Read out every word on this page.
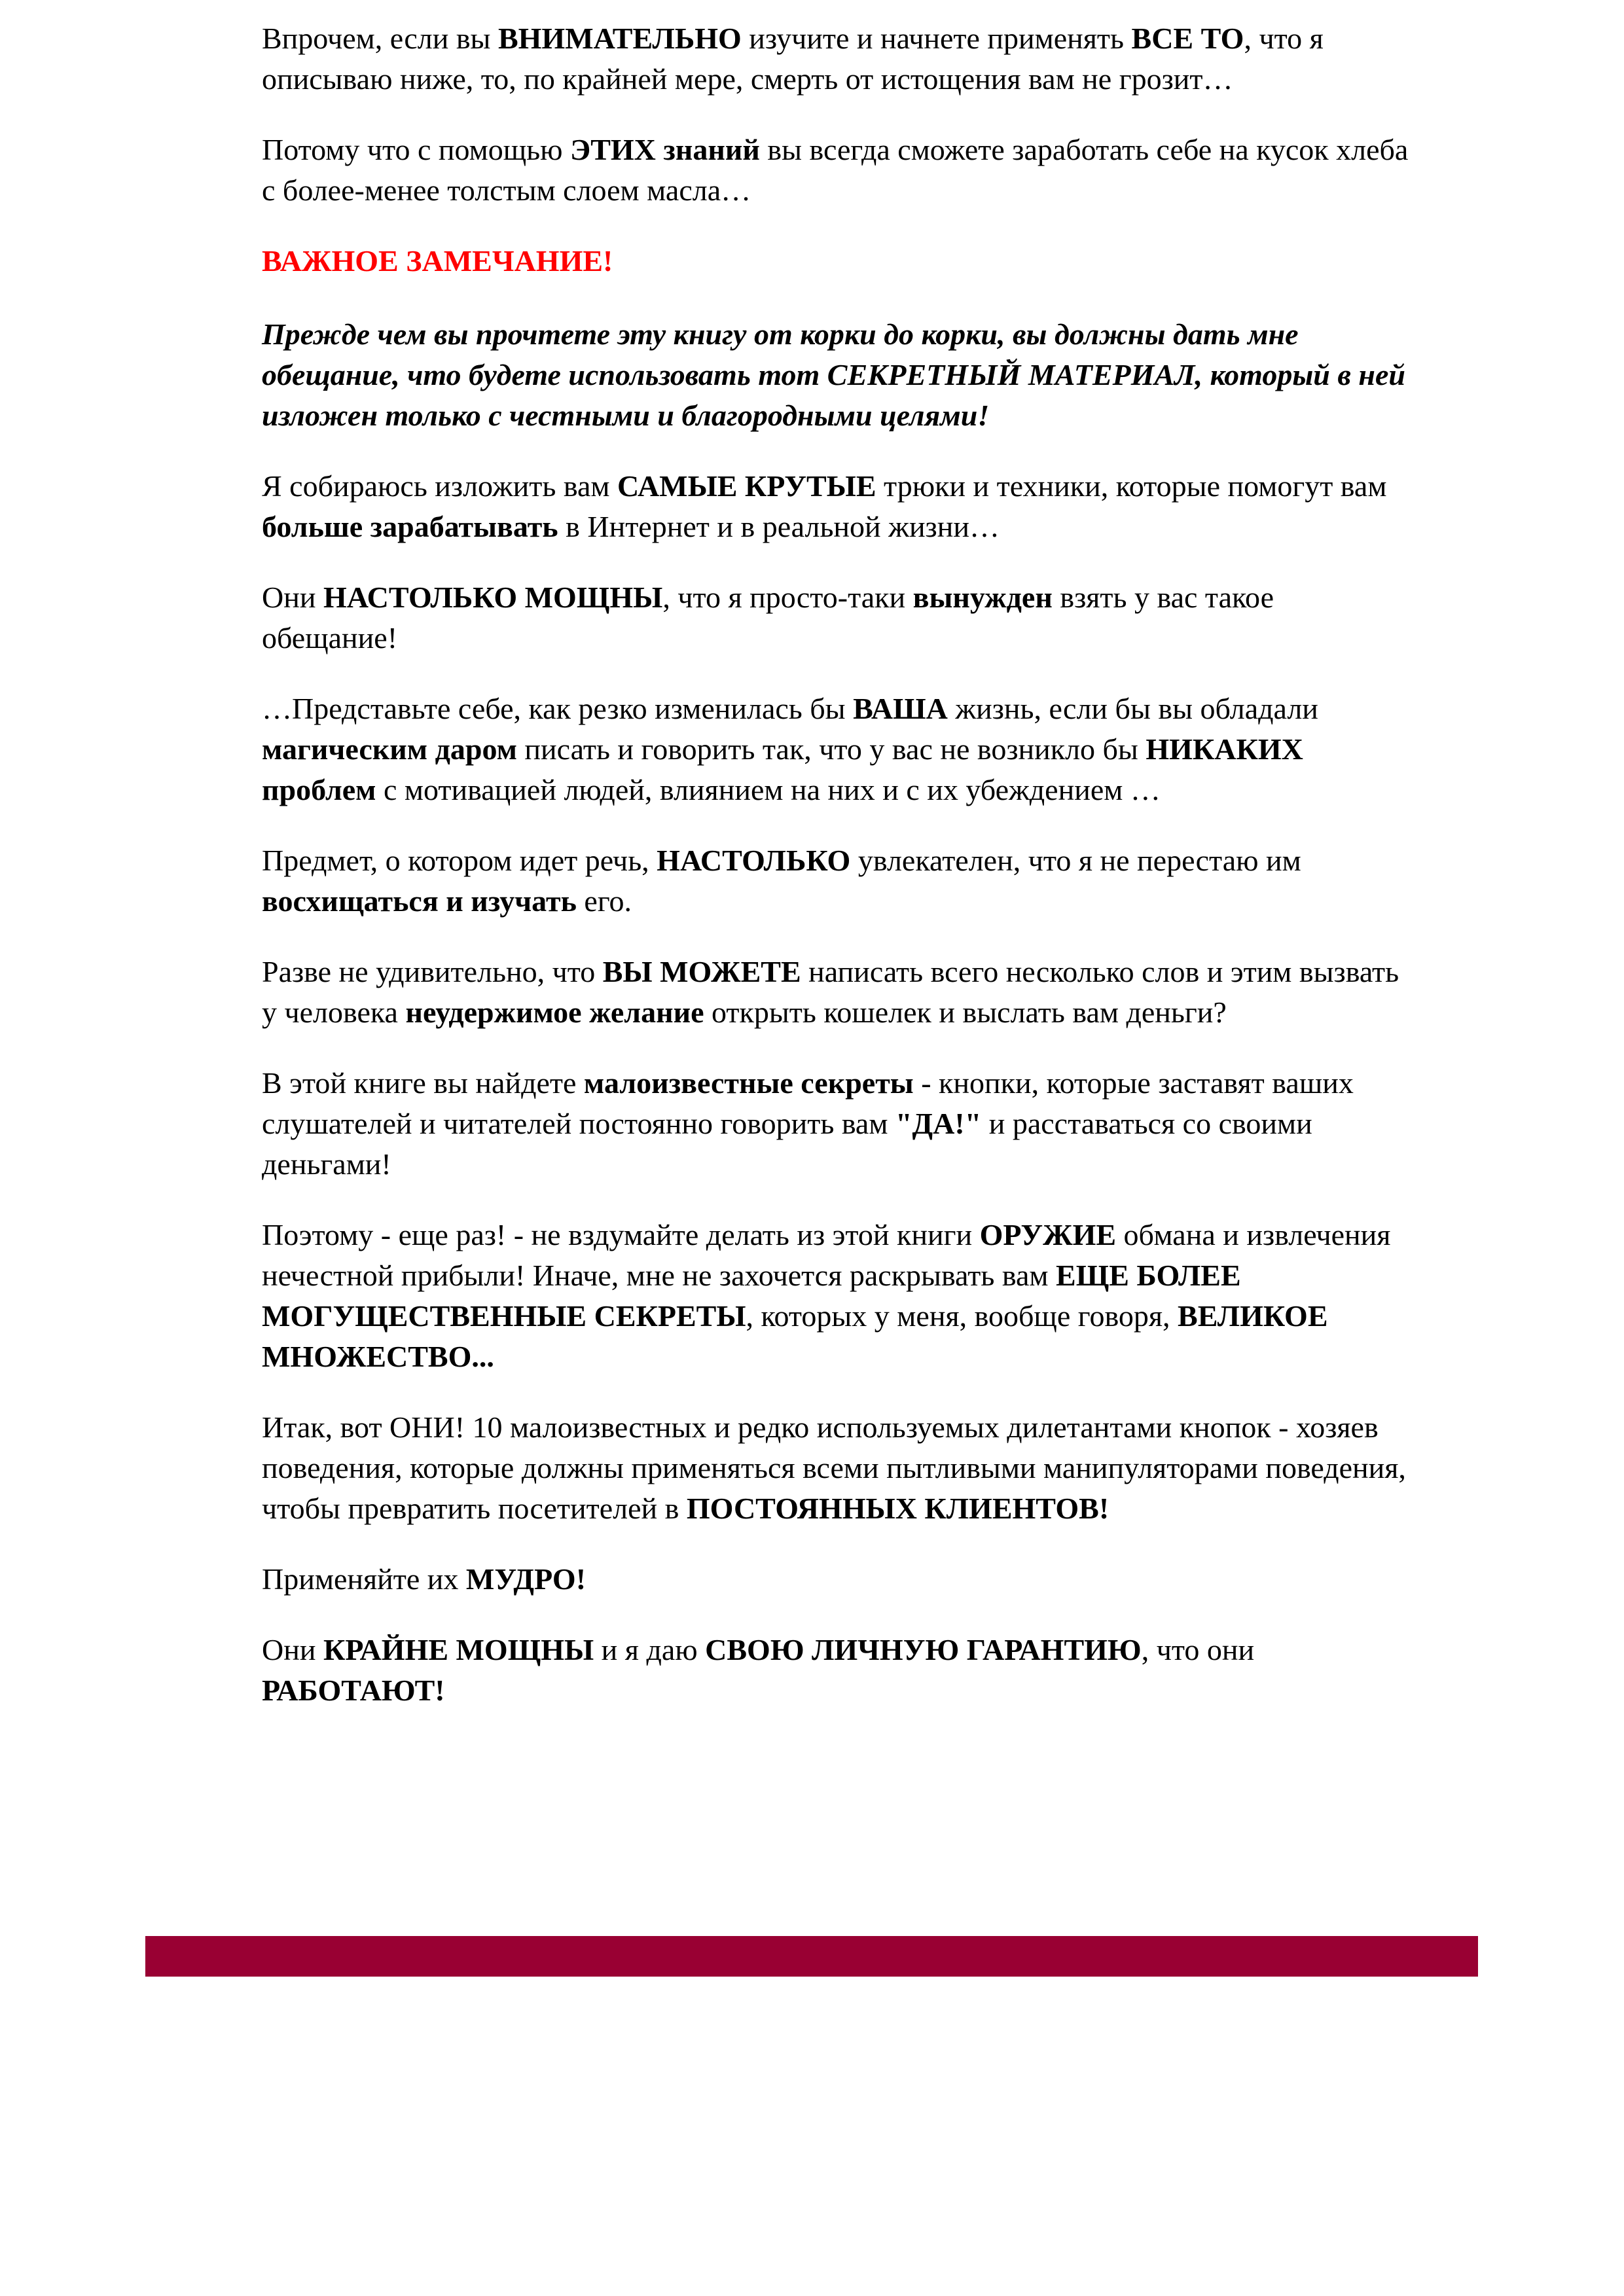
Впрочем, если вы ВНИМАТЕЛЬНО изучите и начнете применять ВСЕ ТО, что я описываю ниже, то, по крайней мере, смерть от истощения вам не грозит…

Потому что с помощью ЭТИХ знаний вы всегда сможете заработать себе на кусок хлеба с более-менее толстым слоем масла…

ВАЖНОЕ ЗАМЕЧАНИЕ!

Прежде чем вы прочтете эту книгу от корки до корки, вы должны дать мне обещание, что будете использовать тот СЕКРЕТНЫЙ МАТЕРИАЛ, который в ней изложен только с честными и благородными целями!

Я собираюсь изложить вам САМЫЕ КРУТЫЕ трюки и техники, которые помогут вам больше зарабатывать в Интернет и в реальной жизни…

Они НАСТОЛЬКО МОЩНЫ, что я просто-таки вынужден взять у вас такое обещание!

…Представьте себе, как резко изменилась бы ВАША жизнь, если бы вы обладали магическим даром писать и говорить так, что у вас не возникло бы НИКАКИХ проблем с мотивацией людей, влиянием на них и с их убеждением …

Предмет, о котором идет речь, НАСТОЛЬКО увлекателен, что я не перестаю им восхищаться и изучать его.

Разве не удивительно, что ВЫ МОЖЕТЕ написать всего несколько слов и этим вызвать у человека неудержимое желание открыть кошелек и выслать вам деньги?

В этой книге вы найдете малоизвестные секреты - кнопки, которые заставят ваших слушателей и читателей постоянно говорить вам "ДА!" и расставаться со своими деньгами!

Поэтому - еще раз! - не вздумайте делать из этой книги ОРУЖИЕ обмана и извлечения нечестной прибыли! Иначе, мне не захочется раскрывать вам ЕЩЕ БОЛЕЕ МОГУЩЕСТВЕННЫЕ СЕКРЕТЫ, которых у меня, вообще говоря, ВЕЛИКОЕ МНОЖЕСТВО...

Итак, вот ОНИ! 10 малоизвестных и редко используемых дилетантами кнопок - хозяев поведения, которые должны применяться всеми пытливыми манипуляторами поведения, чтобы превратить посетителей в ПОСТОЯННЫХ КЛИЕНТОВ!

Применяйте их МУДРО!

Они КРАЙНЕ МОЩНЫ и я даю СВОЮ ЛИЧНУЮ ГАРАНТИЮ, что они РАБОТАЮТ!
